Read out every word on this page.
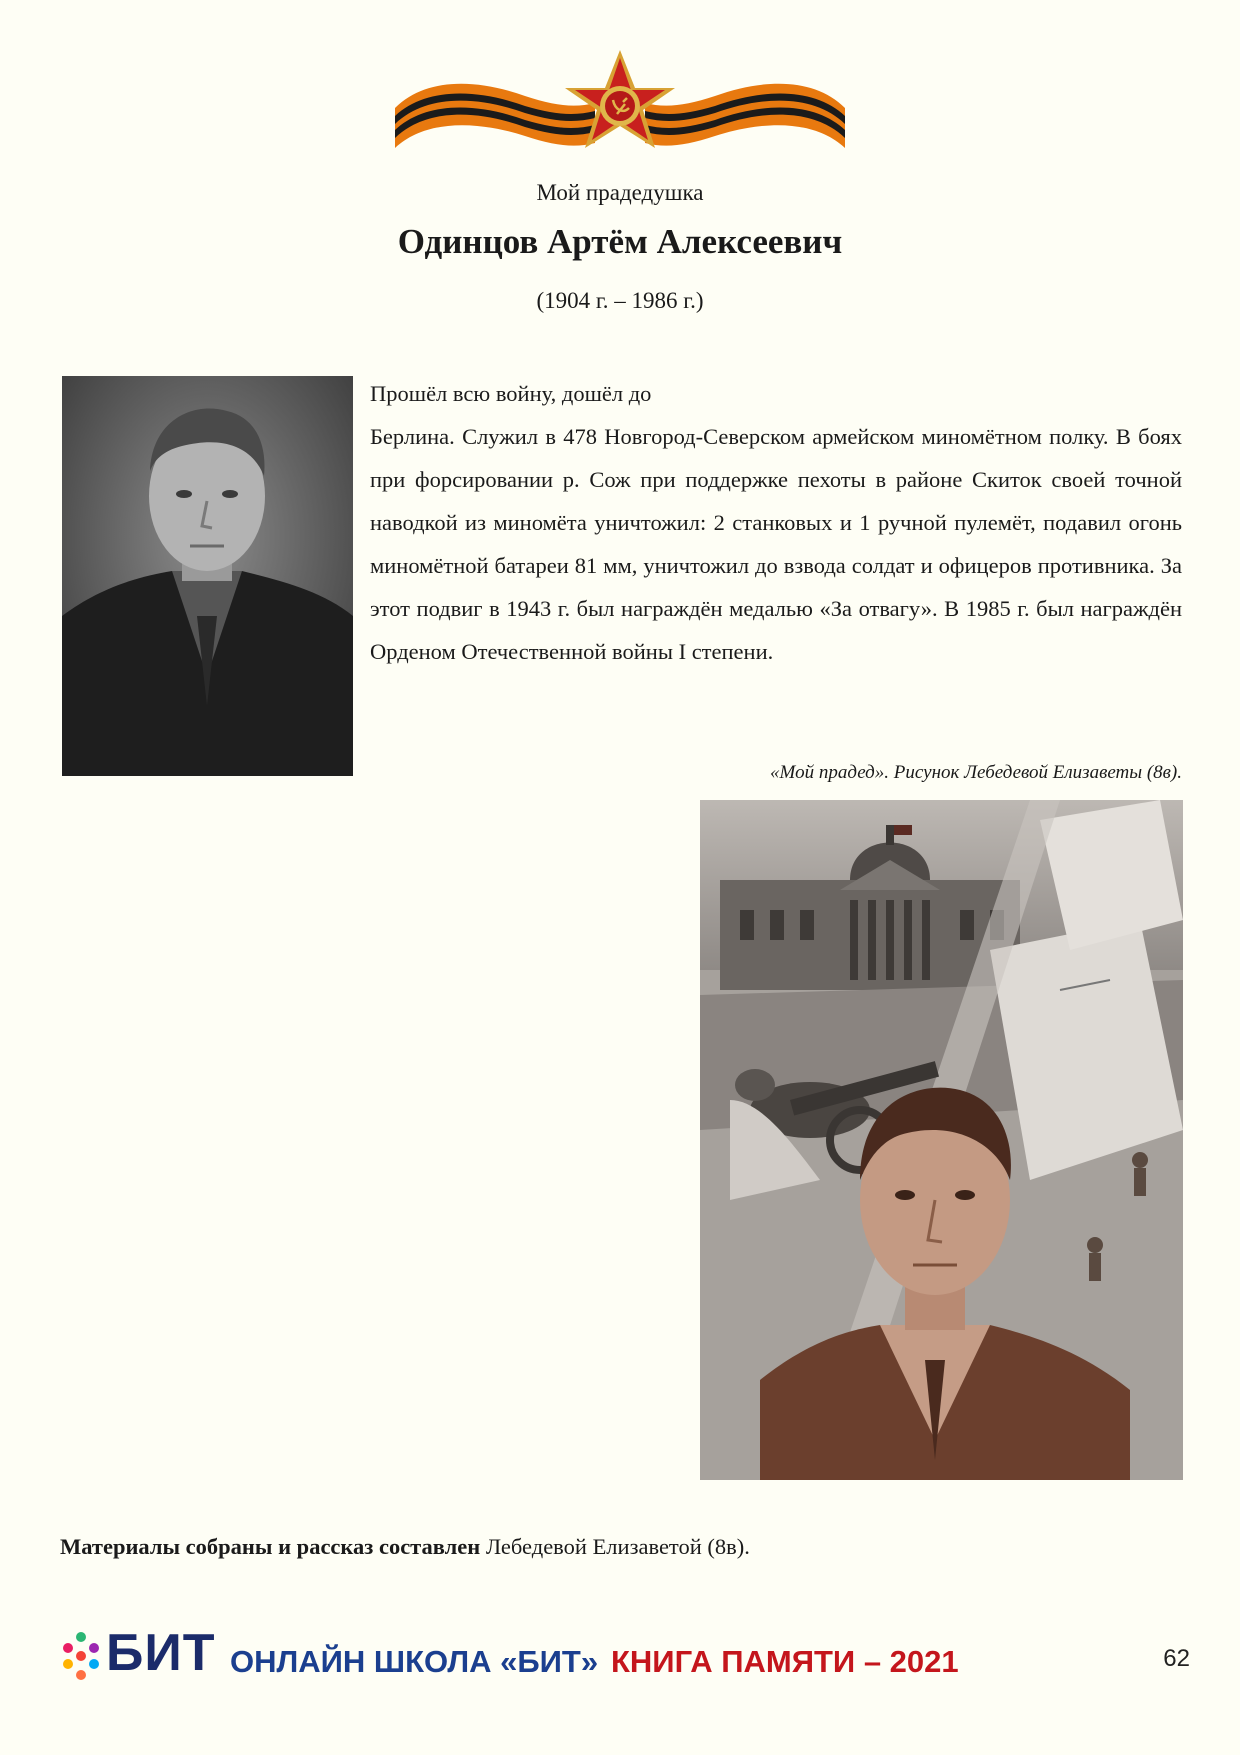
Мой прадедушка
Одинцов Артём Алексеевич
(1904 г. – 1986 г.)

Прошёл всю войну, дошёл до

Берлина. Служил в 478 Новгород-Северском армейском миномётном полку. В боях при форсировании р. Сож при поддержке пехоты в районе Скиток своей точной наводкой из миномёта уничтожил: 2 станковых и 1 ручной пулемёт, подавил огонь миномётной батареи 81 мм, уничтожил до взвода солдат и офицеров противника. За этот подвиг в 1943 г. был награждён медалью «За отвагу». В 1985 г. был награждён Орденом Отечественной войны I степени.

«Мой прадед». Рисунок Лебедевой Елизаветы (8в).
Материалы собраны и рассказ составлен Лебедевой Елизаветой (8в).
БИТ ОНЛАЙН ШКОЛА «БИТ» КНИГА ПАМЯТИ – 2021	62
